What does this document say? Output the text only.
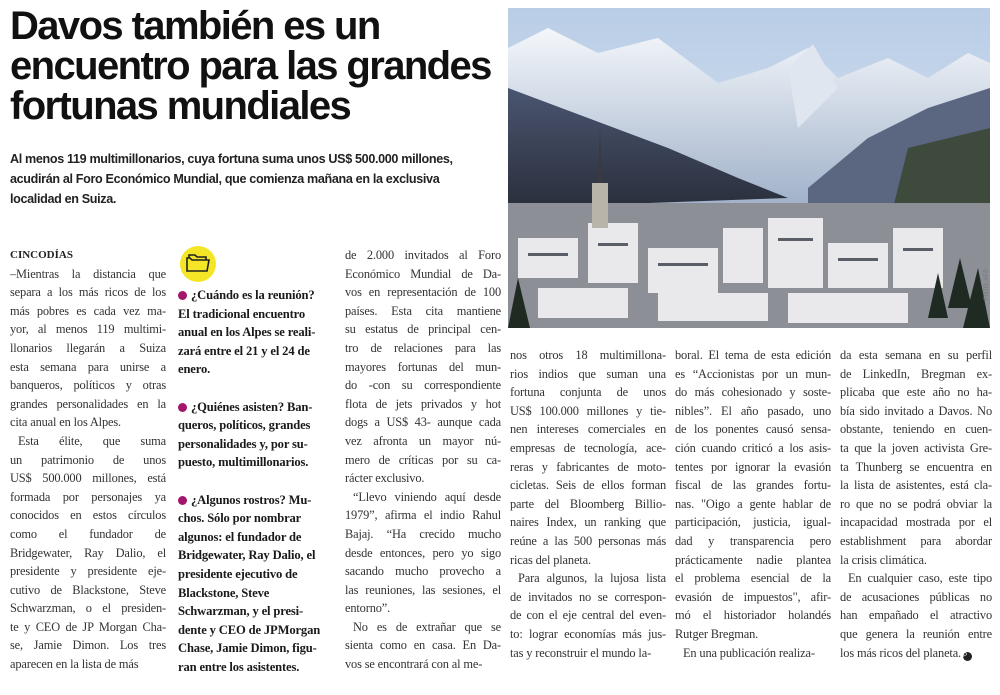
Davos también es un
encuentro para las grandes
fortunas mundiales
Al menos 119 multimillonarios, cuya fortuna suma unos US$ 500.000 millones,
acudirán al Foro Económico Mundial, que comienza mañana en la exclusiva
localidad en Suiza.
FOTO: AFP
CINCODÍAS
–Mientras la distancia que
separa a los más ricos de los
más pobres es cada vez ma-
yor, al menos 119 multimi-
llonarios llegarán a Suiza
esta semana para unirse a
banqueros, políticos y otras
grandes personalidades en la
cita anual en los Alpes.
Esta élite, que suma
un patrimonio de unos
US$ 500.000 millones, está
formada por personajes ya
conocidos en estos círculos
como el fundador de
Bridgewater, Ray Dalio, el
presidente y presidente eje-
cutivo de Blackstone, Steve
Schwarzman, o el presiden-
te y CEO de JP Morgan Cha-
se, Jamie Dimon. Los tres
aparecen en la lista de más
¿Cuándo es la reunión?
El tradicional encuentro
anual en los Alpes se reali-
zará entre el 21 y el 24 de
enero.
¿Quiénes asisten? Ban-
queros, políticos, grandes
personalidades y, por su-
puesto, multimillonarios.
¿Algunos rostros? Mu-
chos. Sólo por nombrar
algunos: el fundador de
Bridgewater, Ray Dalio, el
presidente ejecutivo de
Blackstone, Steve
Schwarzman, y el presi-
dente y CEO de JPMorgan
Chase, Jamie Dimon, figu-
ran entre los asistentes.
de 2.000 invitados al Foro
Económico Mundial de Da-
vos en representación de 100
países. Esta cita mantiene
su estatus de principal cen-
tro de relaciones para las
mayores fortunas del mun-
do -con su correspondiente
flota de jets privados y hot
dogs a US$ 43- aunque cada
vez afronta un mayor nú-
mero de críticas por su ca-
rácter exclusivo.
“Llevo viniendo aquí desde
1979”, afirma el indio Rahul
Bajaj. “Ha crecido mucho
desde entonces, pero yo sigo
sacando mucho provecho a
las reuniones, las sesiones, el
entorno”.
No es de extrañar que se
sienta como en casa. En Da-
vos se encontrará con al me-
nos otros 18 multimillona-
rios indios que suman una
fortuna conjunta de unos
US$ 100.000 millones y tie-
nen intereses comerciales en
empresas de tecnología, ace-
reras y fabricantes de moto-
cicletas. Seis de ellos forman
parte del Bloomberg Billio-
naires Index, un ranking que
reúne a las 500 personas más
ricas del planeta.
Para algunos, la lujosa lista
de invitados no se correspon-
de con el eje central del even-
to: lograr economías más jus-
tas y reconstruir el mundo la-
boral. El tema de esta edición
es “Accionistas por un mun-
do más cohesionado y soste-
nibles”. El año pasado, uno
de los ponentes causó sensa-
ción cuando criticó a los asis-
tentes por ignorar la evasión
fiscal de las grandes fortu-
nas. "Oigo a gente hablar de
participación, justicia, igual-
dad y transparencia pero
prácticamente nadie plantea
el problema esencial de la
evasión de impuestos", afir-
mó el historiador holandés
Rutger Bregman.
En una publicación realiza-
da esta semana en su perfil
de LinkedIn, Bregman ex-
plicaba que este año no ha-
bía sido invitado a Davos. No
obstante, teniendo en cuen-
ta que la joven activista Gre-
ta Thunberg se encuentra en
la lista de asistentes, está cla-
ro que no se podrá obviar la
incapacidad mostrada por el
establishment para abordar
la crisis climática.
En cualquier caso, este tipo
de acusaciones públicas no
han empañado el atractivo
que genera la reunión entre
los más ricos del planeta. P
